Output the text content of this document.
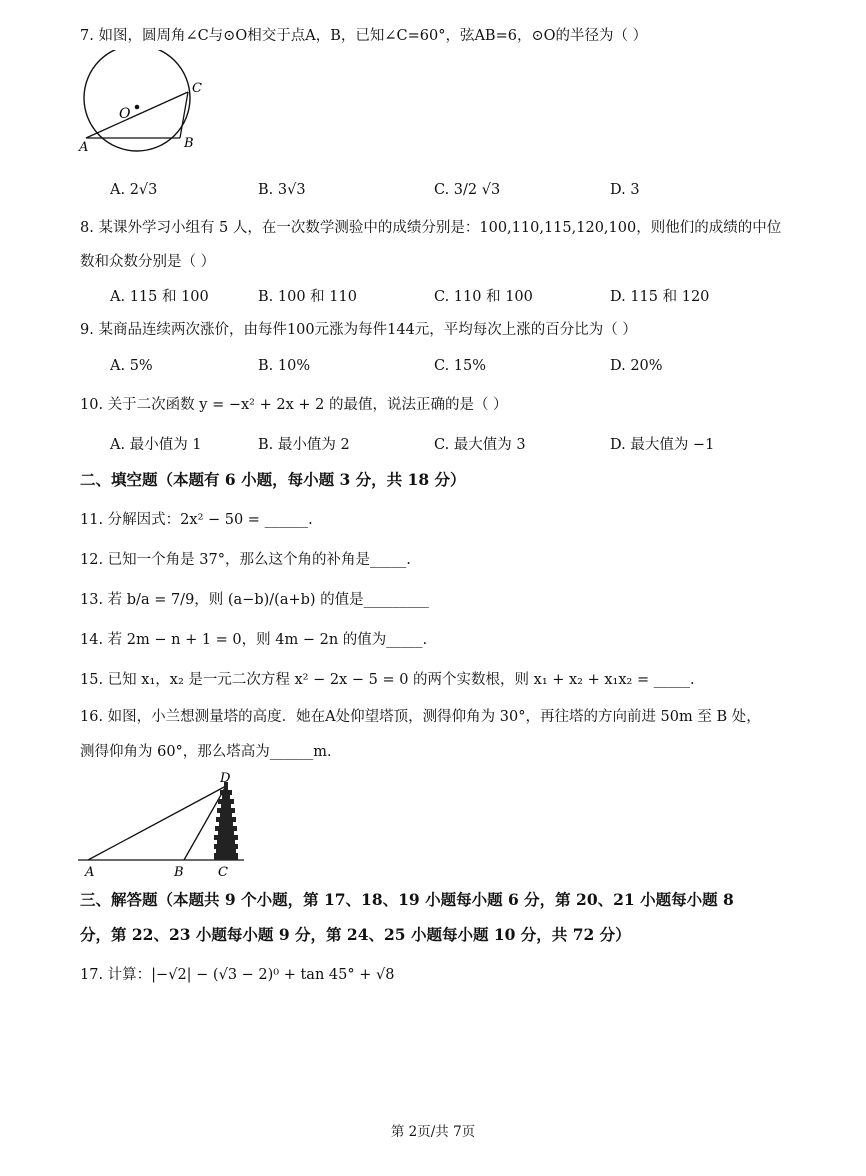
7. 如图，圆周角∠C与⊙O相交于点A，B，已知∠C=60°，弦AB=6，⊙O的半径为（ ）
O
A	B
C
A. 2√3	B. 3√3	C. 3/2 √3	D. 3
8. 某课外学习小组有 5 人，在一次数学测验中的成绩分别是：100,110,115,120,100，则他们的成绩的中位
数和众数分别是（ ）
A. 115 和 100	B. 100 和 110	C. 110 和 100	D. 115 和 120
9. 某商品连续两次涨价，由每件100元涨为每件144元，平均每次上涨的百分比为（ ）
A. 5%	B. 10%	C. 15%	D. 20%
10. 关于二次函数 y = −x² + 2x + 2 的最值，说法正确的是（ ）
A. 最小值为 1	B. 最小值为 2	C. 最大值为 3	D. 最大值为 −1
二、填空题（本题有 6 小题，每小题 3 分，共 18 分）
11. 分解因式：2x² − 50 = ______.
12. 已知一个角是 37°，那么这个角的补角是_____.
13. 若 b/a = 7/9，则 (a−b)/(a+b) 的值是_________
14. 若 2m − n + 1 = 0，则 4m − 2n 的值为_____.
15. 已知 x₁，x₂ 是一元二次方程 x² − 2x − 5 = 0 的两个实数根，则 x₁ + x₂ + x₁x₂ = _____.
16. 如图，小兰想测量塔的高度．她在A处仰望塔顶，测得仰角为 30°，再往塔的方向前进 50m 至 B 处，
测得仰角为 60°，那么塔高为______m．
D
A	B	C
三、解答题（本题共 9 个小题，第 17、18、19 小题每小题 6 分，第 20、21 小题每小题 8
分，第 22、23 小题每小题 9 分，第 24、25 小题每小题 10 分，共 72 分）
17. 计算：|−√2| − (√3 − 2)⁰ + tan 45° + √8
第 2页/共 7页
